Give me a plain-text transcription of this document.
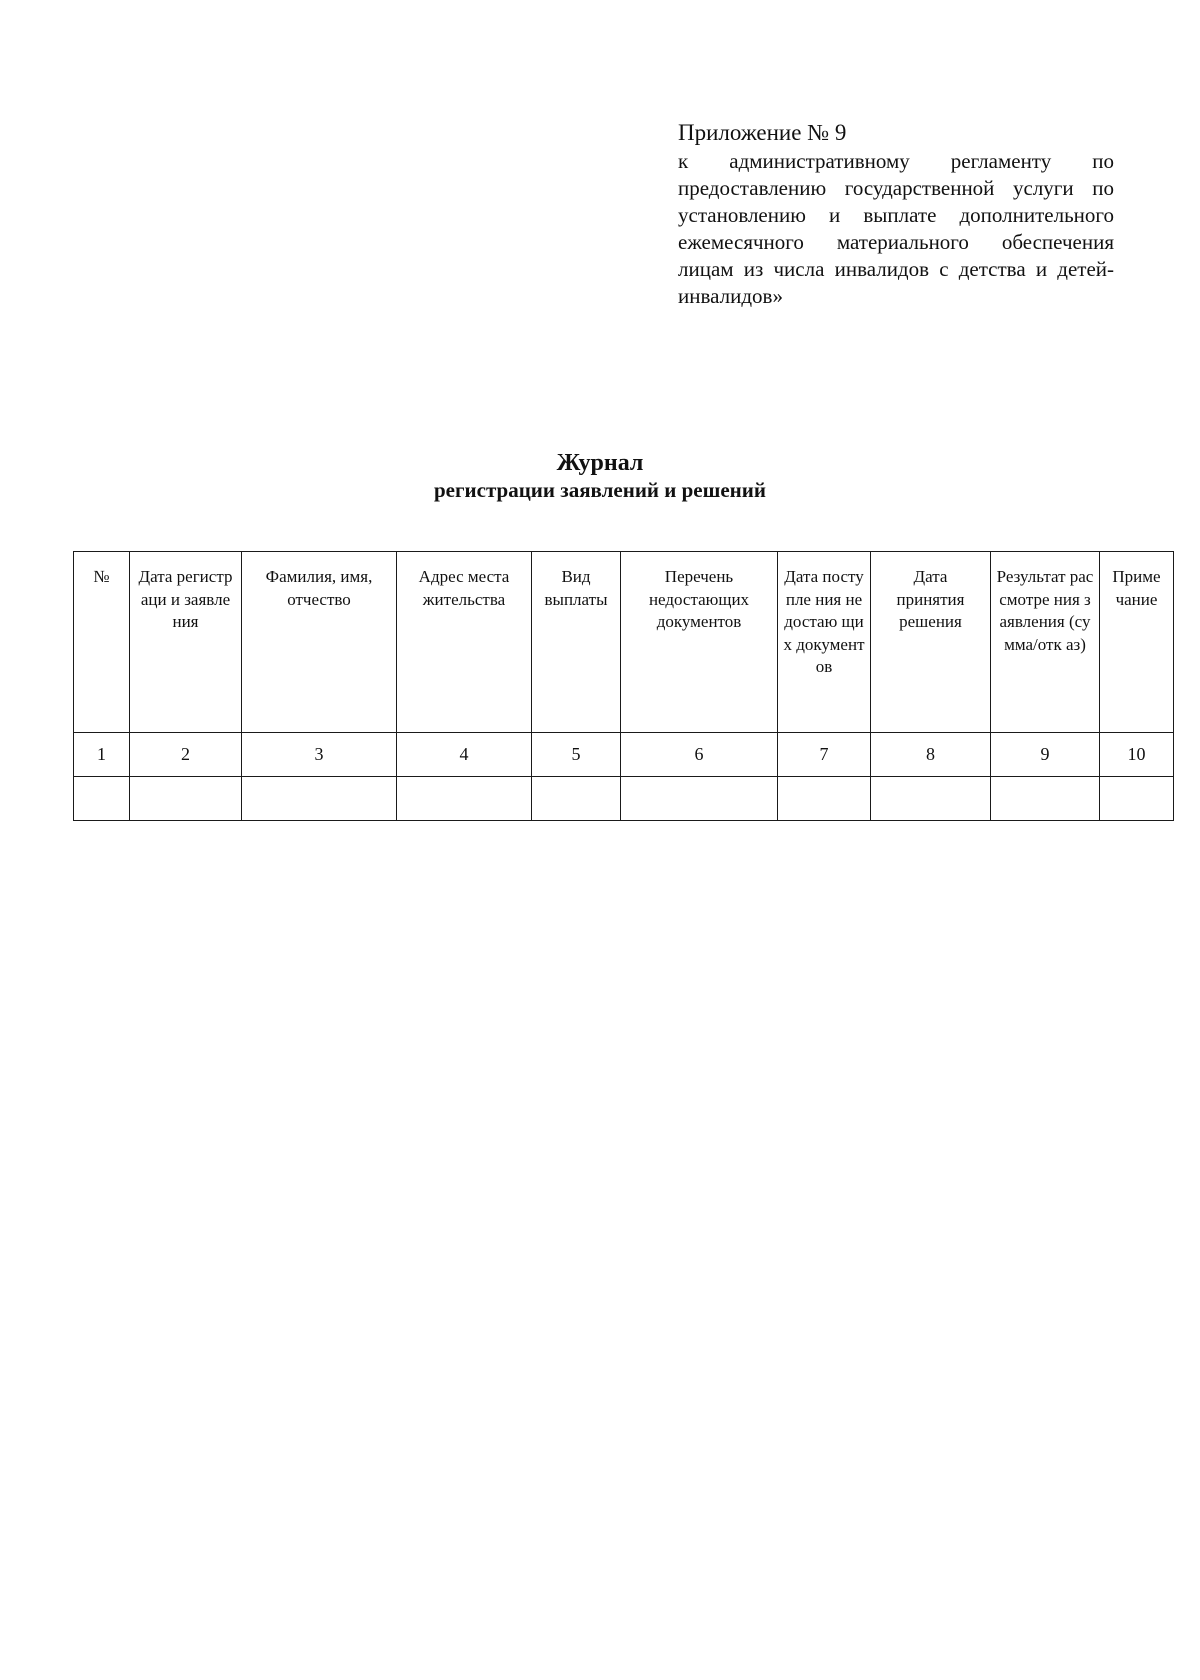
Приложение № 9

к административному регламенту по предоставлению государственной услуги по установлению и выплате дополнительного ежемесячного материального обеспечения лицам из числа инвалидов с детства и детей-инвалидов»

Журнал
регистрации заявлений и решений
№	Дата регистраци и заявления	Фамилия, имя, отчество	Адрес места жительства	Вид выплаты	Перечень недостающих документов	Дата поступле ния недостаю щих документ ов	Дата принятия решения	Результат рассмотре ния заявления (сумма/отк аз)	Приме чание

1	2	3	4	5	6	7	8	9	10
